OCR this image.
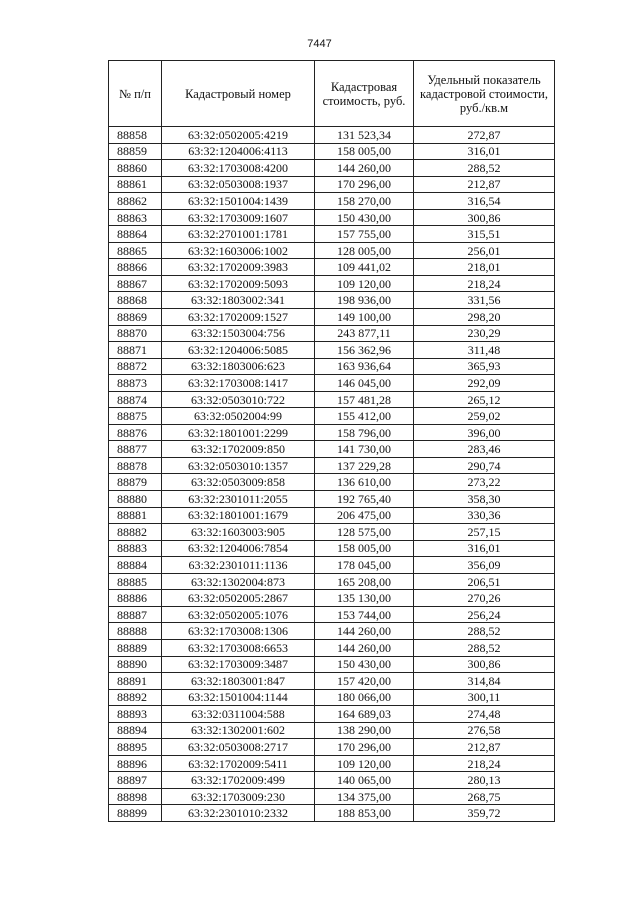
7447
№ п/п	Кадастровый номер	Кадастровая стоимость, руб.	Удельный показатель кадастровой стоимости, руб./кв.м
88858	63:32:0502005:4219	131 523,34	272,87
88859	63:32:1204006:4113	158 005,00	316,01
88860	63:32:1703008:4200	144 260,00	288,52
88861	63:32:0503008:1937	170 296,00	212,87
88862	63:32:1501004:1439	158 270,00	316,54
88863	63:32:1703009:1607	150 430,00	300,86
88864	63:32:2701001:1781	157 755,00	315,51
88865	63:32:1603006:1002	128 005,00	256,01
88866	63:32:1702009:3983	109 441,02	218,01
88867	63:32:1702009:5093	109 120,00	218,24
88868	63:32:1803002:341	198 936,00	331,56
88869	63:32:1702009:1527	149 100,00	298,20
88870	63:32:1503004:756	243 877,11	230,29
88871	63:32:1204006:5085	156 362,96	311,48
88872	63:32:1803006:623	163 936,64	365,93
88873	63:32:1703008:1417	146 045,00	292,09
88874	63:32:0503010:722	157 481,28	265,12
88875	63:32:0502004:99	155 412,00	259,02
88876	63:32:1801001:2299	158 796,00	396,00
88877	63:32:1702009:850	141 730,00	283,46
88878	63:32:0503010:1357	137 229,28	290,74
88879	63:32:0503009:858	136 610,00	273,22
88880	63:32:2301011:2055	192 765,40	358,30
88881	63:32:1801001:1679	206 475,00	330,36
88882	63:32:1603003:905	128 575,00	257,15
88883	63:32:1204006:7854	158 005,00	316,01
88884	63:32:2301011:1136	178 045,00	356,09
88885	63:32:1302004:873	165 208,00	206,51
88886	63:32:0502005:2867	135 130,00	270,26
88887	63:32:0502005:1076	153 744,00	256,24
88888	63:32:1703008:1306	144 260,00	288,52
88889	63:32:1703008:6653	144 260,00	288,52
88890	63:32:1703009:3487	150 430,00	300,86
88891	63:32:1803001:847	157 420,00	314,84
88892	63:32:1501004:1144	180 066,00	300,11
88893	63:32:0311004:588	164 689,03	274,48
88894	63:32:1302001:602	138 290,00	276,58
88895	63:32:0503008:2717	170 296,00	212,87
88896	63:32:1702009:5411	109 120,00	218,24
88897	63:32:1702009:499	140 065,00	280,13
88898	63:32:1703009:230	134 375,00	268,75
88899	63:32:2301010:2332	188 853,00	359,72
